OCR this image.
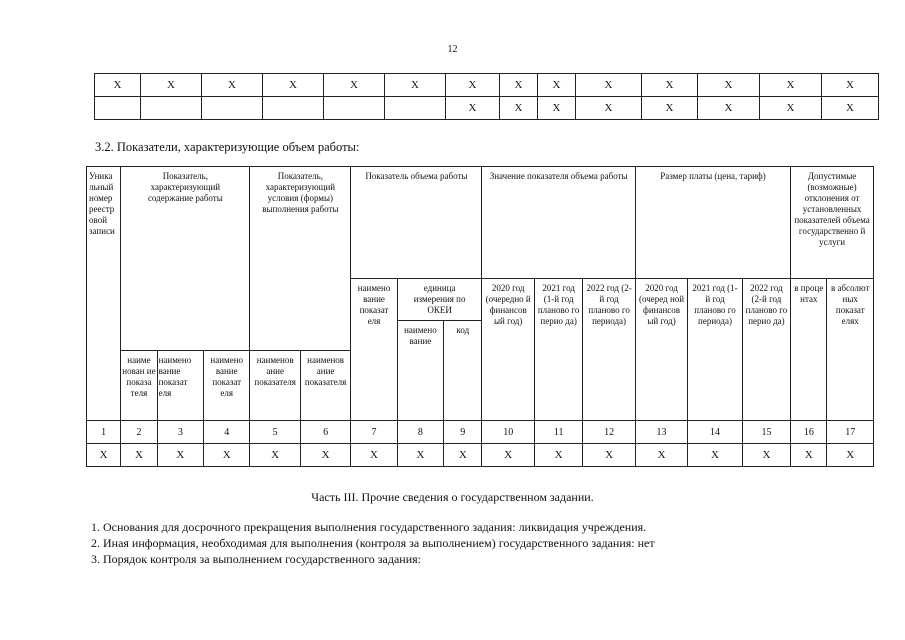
12
X	X	X	X	X	X	X	X	X	X	X	X	X	X
						X	X	X	X	X	X	X	X
3.2. Показатели, характеризующие объем работы:
Уника льный номер реестр овой записи	Показатель, характеризующий содержание работы			Показатель, характеризующий условия (формы) выполнения работы		Показатель объема работы			Значение показателя объема работы			Размер платы (цена, тариф)			Допустимые (возможные) отклонения от установленных показателей объема государственно й услуги	
						наимено вание показат еля	единица измерения по ОКЕИ		2020 год (очередно й финансов ый год)	2021 год (1-й год планово го перио да)	2022 год (2-й год планово го периода)	2020 год (очеред ной финансов ый год)	2021 год (1-й год планово го периода)	2022 год (2-й год планово го перио да)	в проце нтах	в абсолют ных показат елях
							наимено вание	код								
	наиме нован ие показа теля	наимено вание показат еля	наимено вание показат еля	наименов ание показателя	наименов ание показателя											
1	2	3	4	5	6	7	8	9	10	11	12	13	14	15	16	17
X	X	X	X	X	X	X	X	X	X	X	X	X	X	X	X	X
Часть III. Прочие сведения о государственном задании.
1. Основания для досрочного прекращения выполнения государственного задания: ликвидация учреждения.
2. Иная информация, необходимая для выполнения (контроля за выполнением) государственного задания: нет
3. Порядок контроля за выполнением государственного задания:
